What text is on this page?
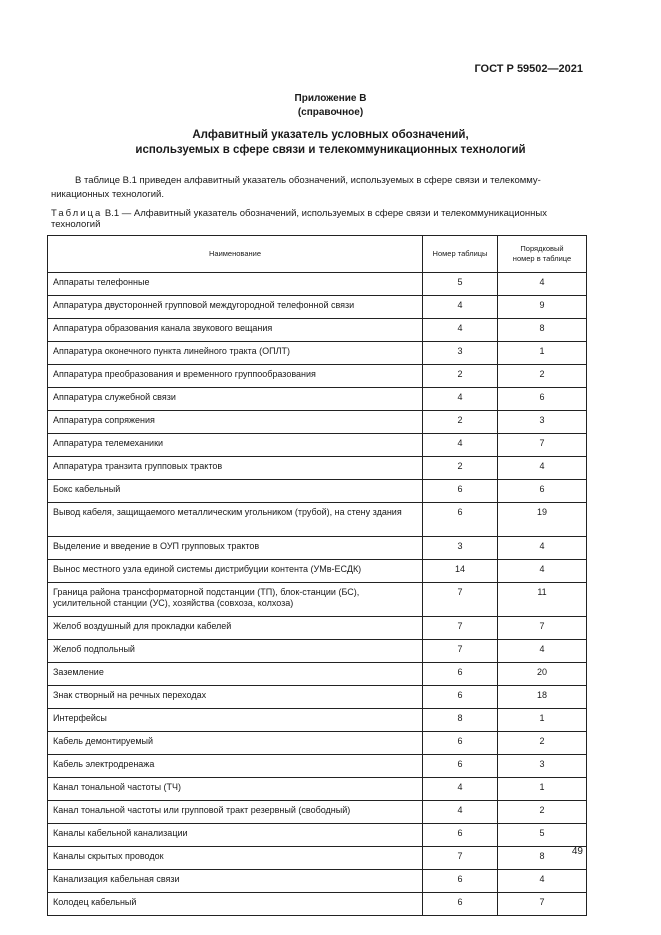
ГОСТ Р 59502—2021
Приложение В
(справочное)
Алфавитный указатель условных обозначений,
используемых в сфере связи и телекоммуникационных технологий
В таблице В.1 приведен алфавитный указатель обозначений, используемых в сфере связи и телекомму-никационных технологий.
Таблица В.1 — Алфавитный указатель обозначений, используемых в сфере связи и телекоммуникационных технологий
Наименование	Номер таблицы	Порядковый номер в таблице

Аппараты телефонные	5	4
Аппаратура двусторонней групповой междугородной телефонной связи	4	9
Аппаратура образования канала звукового вещания	4	8
Аппаратура оконечного пункта линейного тракта (ОПЛТ)	3	1
Аппаратура преобразования и временного группообразования	2	2
Аппаратура служебной связи	4	6
Аппаратура сопряжения	2	3
Аппаратура телемеханики	4	7
Аппаратура транзита групповых трактов	2	4
Бокс кабельный	6	6
Вывод кабеля, защищаемого металлическим угольником (трубой), на стену здания	6	19
Выделение и введение в ОУП групповых трактов	3	4
Вынос местного узла единой системы дистрибуции контента (УМв-ЕСДК)	14	4
Граница района трансформаторной подстанции (ТП), блок-станции (БС), усилительной станции (УС), хозяйства (совхоза, колхоза)	7	11
Желоб воздушный для прокладки кабелей	7	7
Желоб подпольный	7	4
Заземление	6	20
Знак створный на речных переходах	6	18
Интерфейсы	8	1
Кабель демонтируемый	6	2
Кабель электродренажа	6	3
Канал тональной частоты (ТЧ)	4	1
Канал тональной частоты или групповой тракт резервный (свободный)	4	2
Каналы кабельной канализации	6	5
Каналы скрытых проводок	7	8
Канализация кабельная связи	6	4
Колодец кабельный	6	7
49
